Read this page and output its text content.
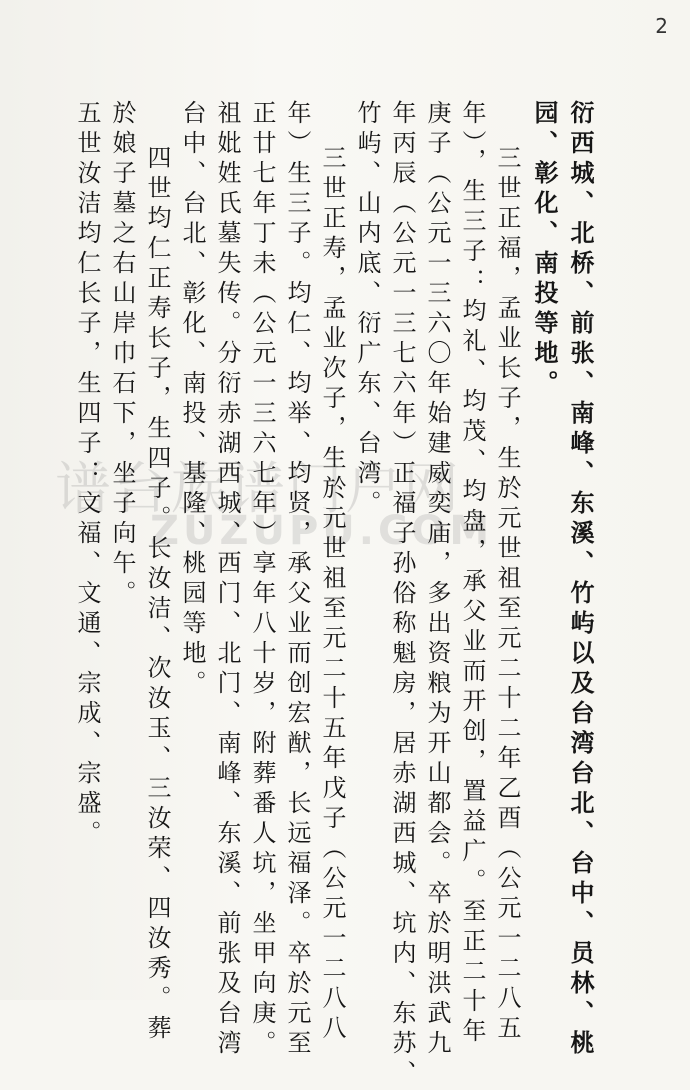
2
谱台族谱门户网
ZUZUPU.COM	衍西城、北桥、前张、南峰、东溪、竹屿以及台湾台北、台中、员林、桃
园、彰化、南投等地。
三世正福，孟业长子，生於元世祖至元二十二年乙酉（公元一二八五
年），生三子：均礼、均茂、均盘，承父业而开创，置益广。至正二十年
庚子（公元一三六〇年始建威奕庙，多出资粮为开山都会。卒於明洪武九
年丙辰（公元一三七六年）正福子孙俗称魁房，居赤湖西城、坑内、东苏、
竹屿、山内底、衍广东、台湾。
三世正寿，孟业次子，生於元世祖至元二十五年戊子（公元一二八八
年）生三子。均仁、均举、均贤，承父业而创宏猷，长远福泽。卒於元至
正廿七年丁未（公元一三六七年）享年八十岁，附葬番人坑，坐甲向庚。
祖妣姓氏墓失传。分衍赤湖西城、西门、北门、南峰、东溪、前张及台湾
台中、台北、彰化、南投、基隆、桃园等地。
四世均仁正寿长子，生四子。长汝洁、次汝玉、三汝荣、四汝秀。葬
於娘子墓之右山岸巾石下，坐子向午。
五世汝洁均仁长子，生四子：文福、文通、宗成、宗盛。
